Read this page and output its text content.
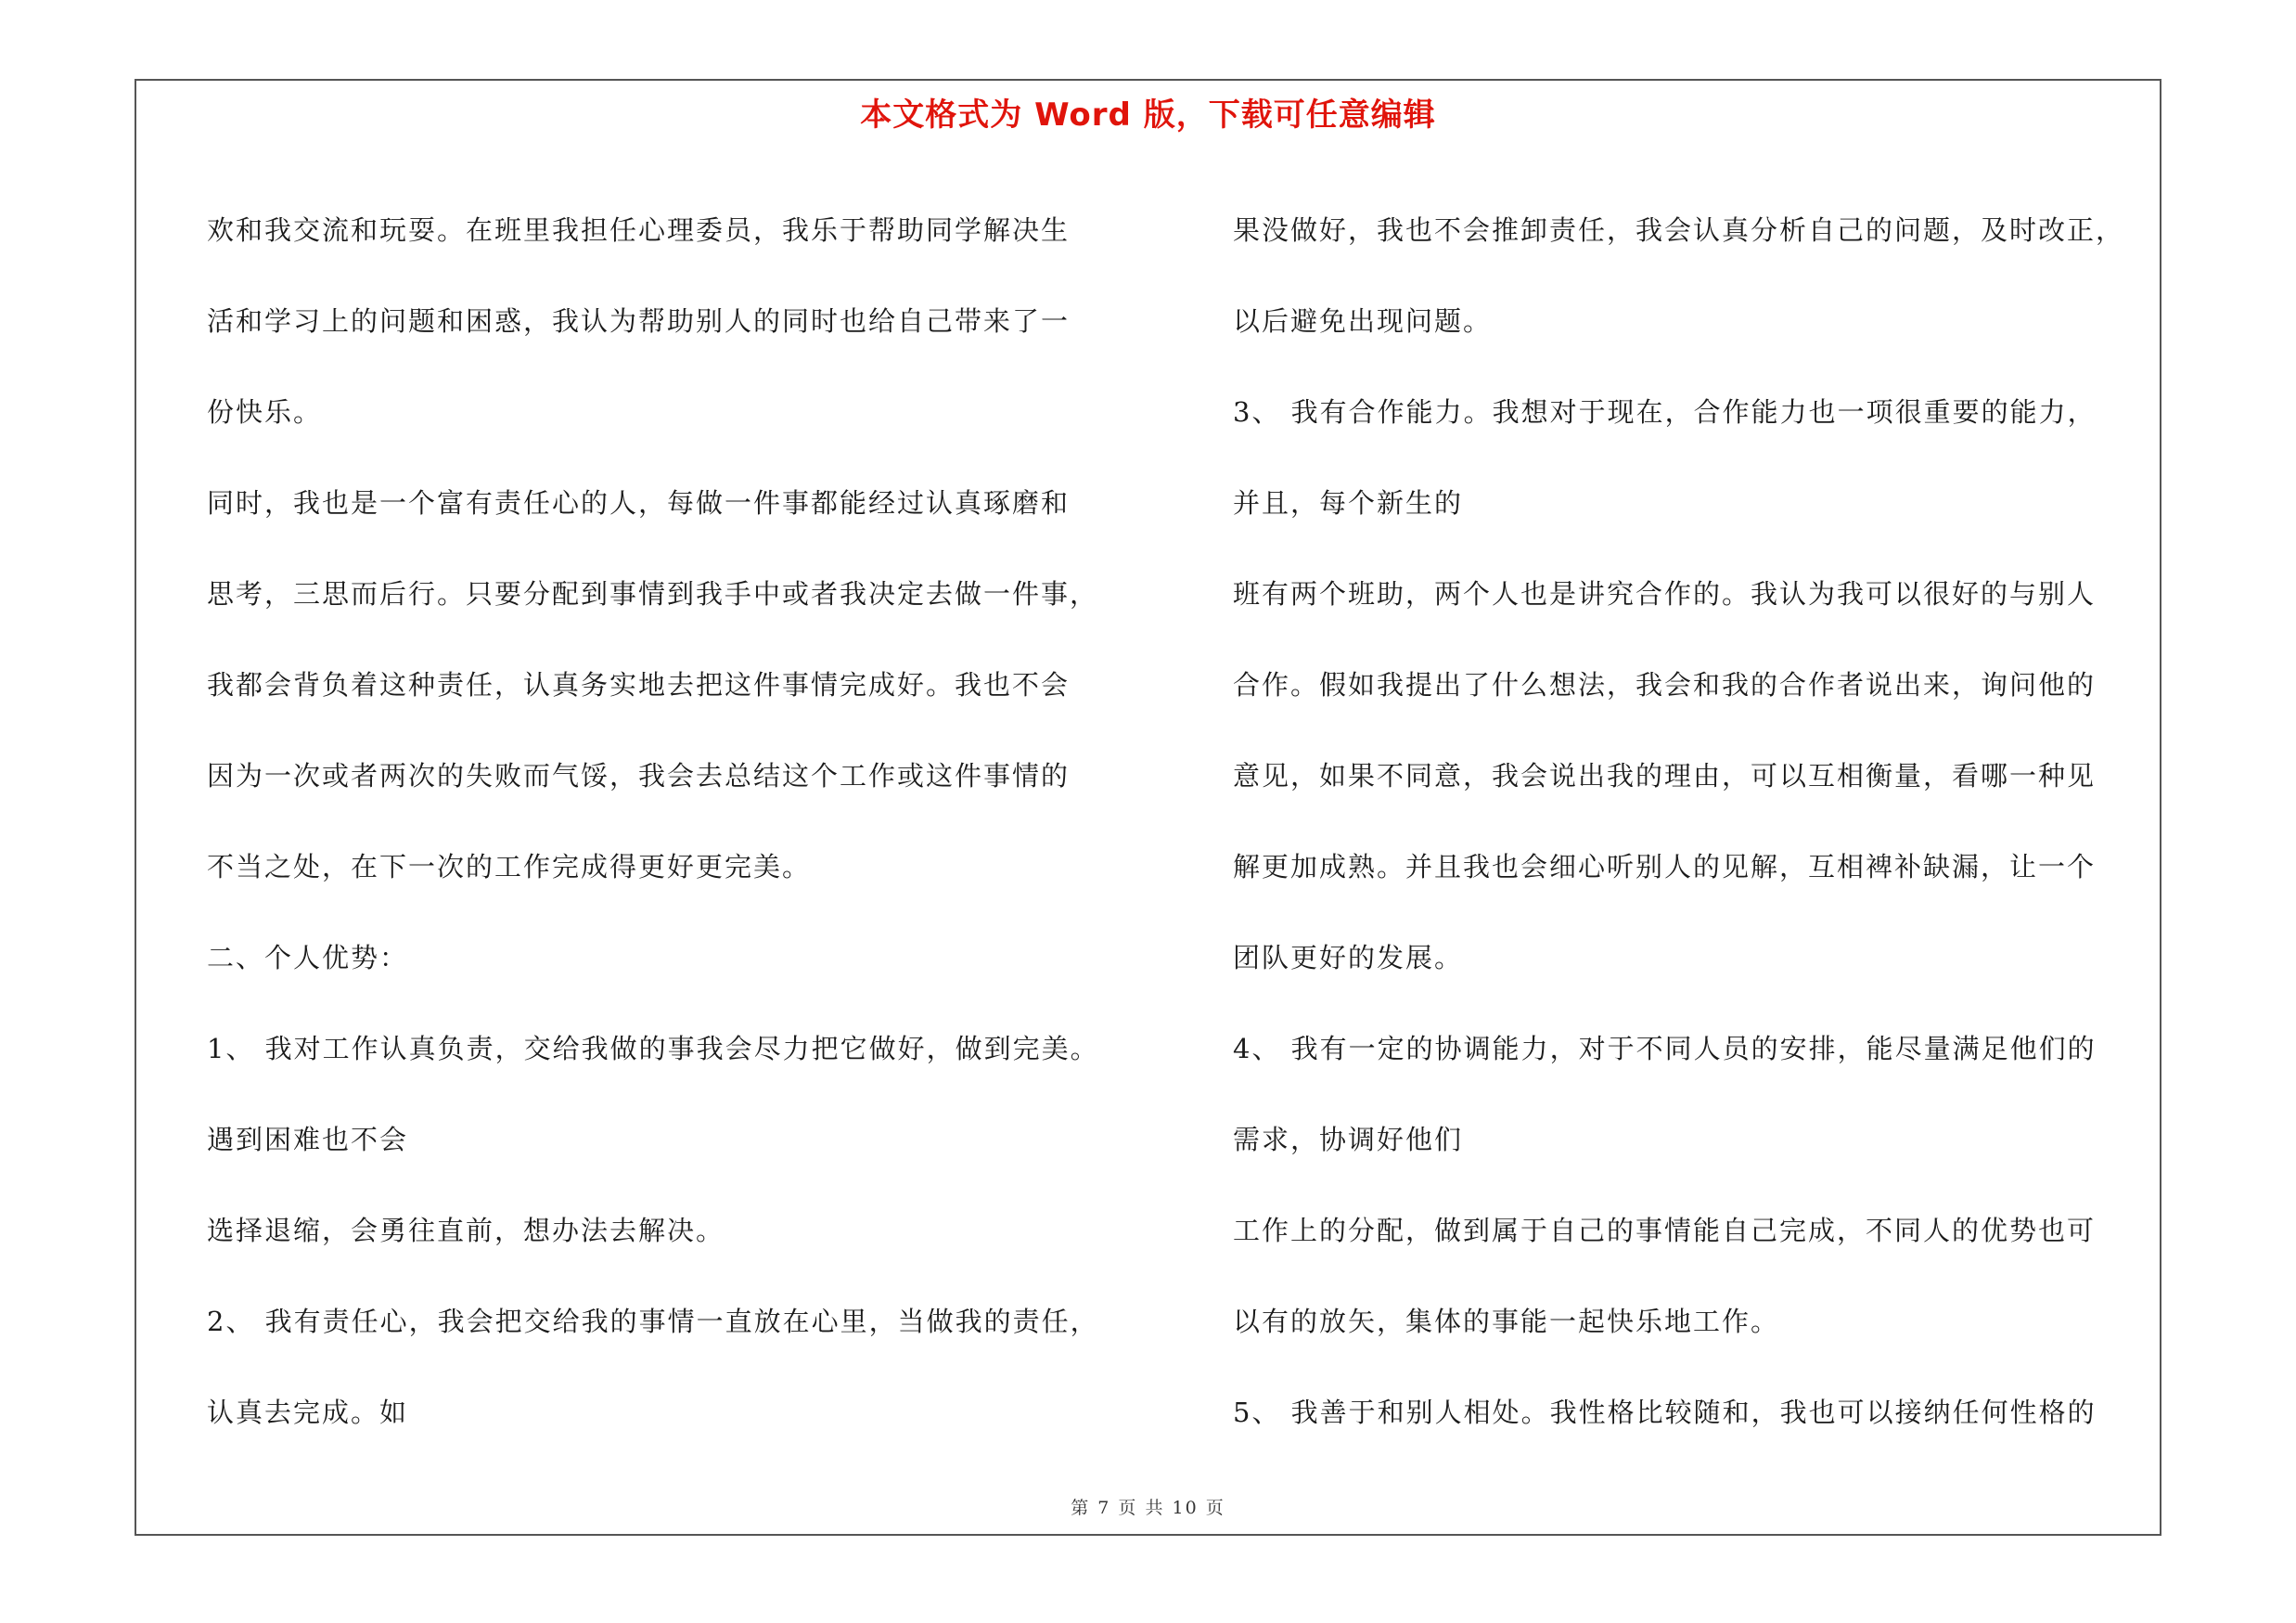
本文格式为 Word 版，下载可任意编辑

欢和我交流和玩耍。在班里我担任心理委员，我乐于帮助同学解决生

活和学习上的问题和困惑，我认为帮助别人的同时也给自己带来了一

份快乐。

同时，我也是一个富有责任心的人，每做一件事都能经过认真琢磨和

思考，三思而后行。只要分配到事情到我手中或者我决定去做一件事，

我都会背负着这种责任，认真务实地去把这件事情完成好。我也不会

因为一次或者两次的失败而气馁，我会去总结这个工作或这件事情的

不当之处，在下一次的工作完成得更好更完美。

二、个人优势：

1、 我对工作认真负责，交给我做的事我会尽力把它做好，做到完美。

遇到困难也不会

选择退缩，会勇往直前，想办法去解决。

2、 我有责任心，我会把交给我的事情一直放在心里，当做我的责任，

认真去完成。如

果没做好，我也不会推卸责任，我会认真分析自己的问题，及时改正，

以后避免出现问题。

3、 我有合作能力。我想对于现在，合作能力也一项很重要的能力，

并且，每个新生的

班有两个班助，两个人也是讲究合作的。我认为我可以很好的与别人

合作。假如我提出了什么想法，我会和我的合作者说出来，询问他的

意见，如果不同意，我会说出我的理由，可以互相衡量，看哪一种见

解更加成熟。并且我也会细心听别人的见解，互相裨补缺漏，让一个

团队更好的发展。

4、 我有一定的协调能力，对于不同人员的安排，能尽量满足他们的

需求，协调好他们

工作上的分配，做到属于自己的事情能自己完成，不同人的优势也可

以有的放矢，集体的事能一起快乐地工作。

5、 我善于和别人相处。我性格比较随和，我也可以接纳任何性格的

第 7 页 共 10 页
